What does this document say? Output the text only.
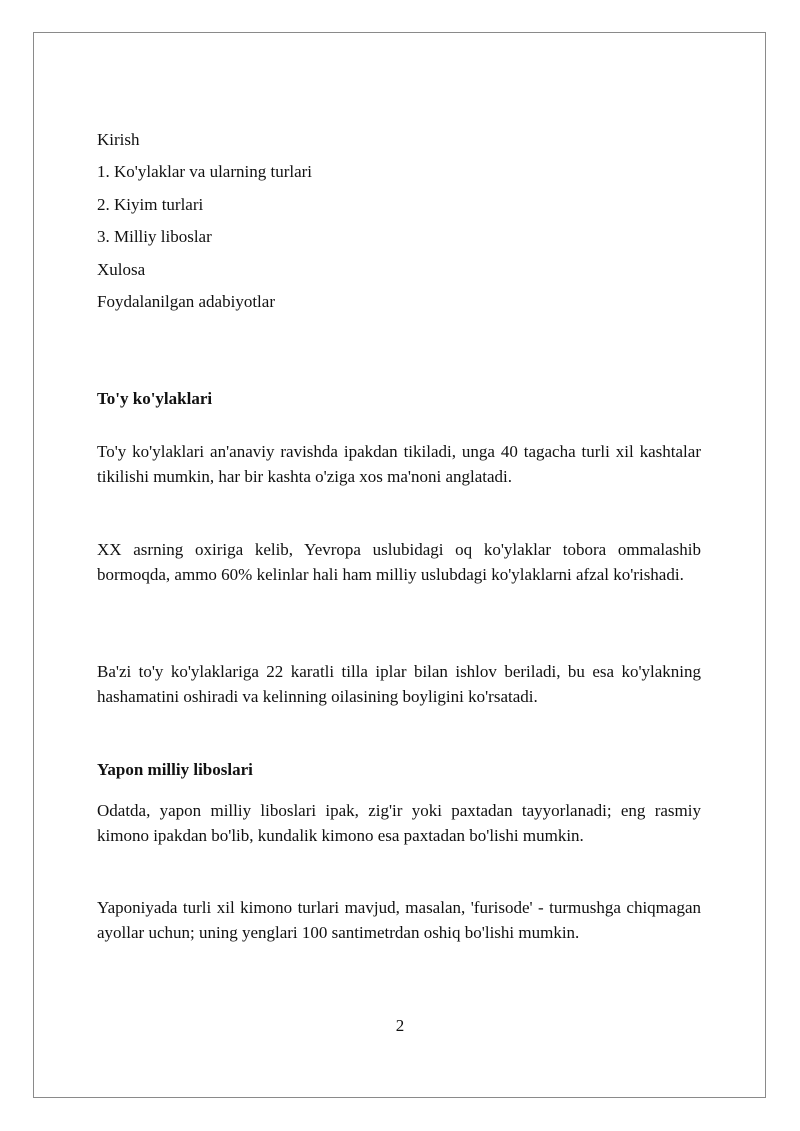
Kirish
1. Ko'ylaklar va ularning turlari
2. Kiyim turlari
3. Milliy liboslar
Xulosa
Foydalanilgan adabiyotlar
To'y ko'ylaklari
To'y ko'ylaklari an'anaviy ravishda ipakdan tikiladi, unga 40 tagacha turli xil kashtalar tikilishi mumkin, har bir kashta o'ziga xos ma'noni anglatadi.
XX asrning oxiriga kelib, Yevropa uslubidagi oq ko'ylaklar tobora ommalashib bormoqda, ammo 60% kelinlar hali ham milliy uslubdagi ko'ylaklarni afzal ko'rishadi.
Ba'zi to'y ko'ylaklariga 22 karatli tilla iplar bilan ishlov beriladi, bu esa ko'ylakning hashamatini oshiradi va kelinning oilasining boyligini ko'rsatadi.
Yapon milliy liboslari
Odatda, yapon milliy liboslari ipak, zig'ir yoki paxtadan tayyorlanadi; eng rasmiy kimono ipakdan bo'lib, kundalik kimono esa paxtadan bo'lishi mumkin.
Yaponiyada turli xil kimono turlari mavjud, masalan, 'furisode' - turmushga chiqmagan ayollar uchun; uning yenglari 100 santimetrdan oshiq bo'lishi mumkin.
2
